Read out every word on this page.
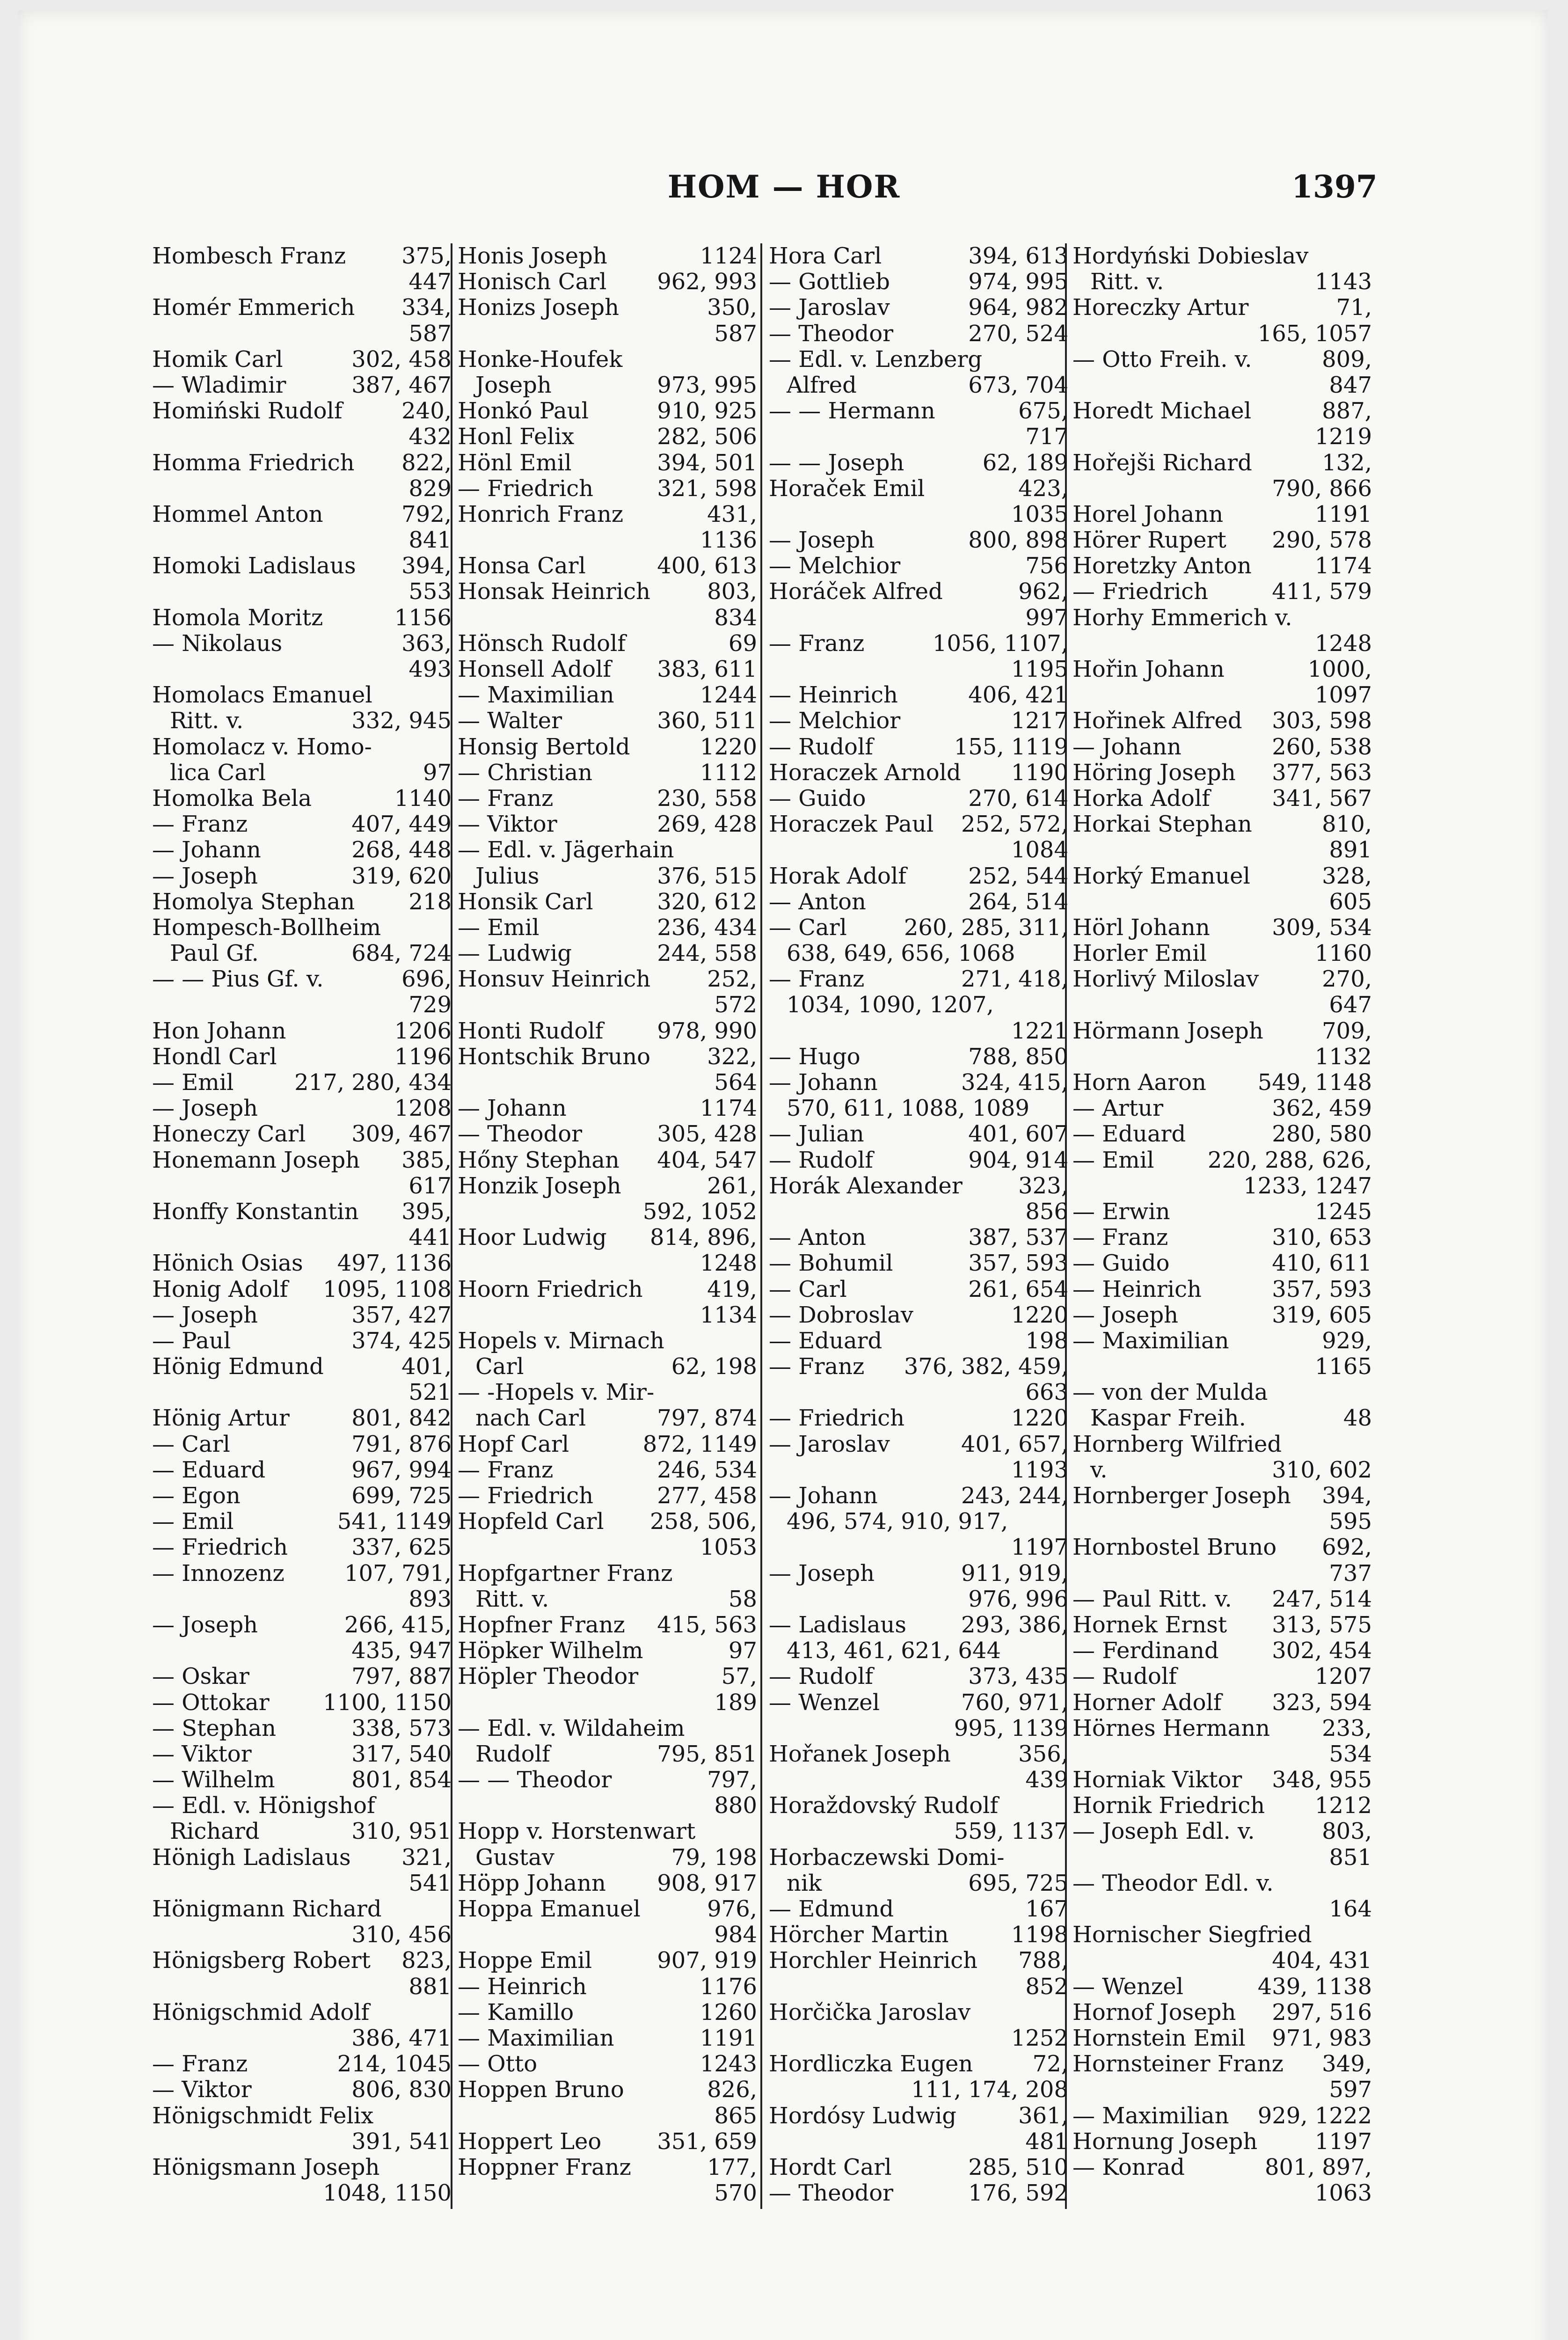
HOM — HOR	1397
Hombesch Franz 375,
447
Homér Emmerich 334,
587
Homik Carl	302, 458
— Wladimir	387, 467
Homiński Rudolf	240,
432
Homma Friedrich 822,
829
Hommel Anton	792,
841
Homoki Ladislaus 394,
553
Homola Moritz	1156
— Nikolaus	363,
493
Homolacs Emanuel
Ritt. v.	332, 945
Homolacz v. Homo-
lica Carl	97
Homolka Bela	1140
— Franz	407, 449
— Johann	268, 448
— Joseph	319, 620
Homolya Stephan 218
Hompesch-Bollheim
Paul Gf.	684, 724
— — Pius Gf. v.	696,
729
Hon Johann	1206
Hondl Carl	1196
— Emil	217, 280, 434
— Joseph	1208
Honeczy Carl 309, 467
Honemann Joseph 385,
617
Honffy Konstantin 395,
441
Hönich Osias 497, 1136
Honig Adolf 1095, 1108
— Joseph	357, 427
— Paul	374, 425
Hönig Edmund	401,
521
Hönig Artur	801, 842
— Carl	791, 876
— Eduard	967, 994
— Egon	699, 725
— Emil	541, 1149
— Friedrich	337, 625
— Innozenz	107, 791,
893
— Joseph	266, 415,
435, 947
— Oskar	797, 887
— Ottokar 1100, 1150
— Stephan	338, 573
— Viktor	317, 540
— Wilhelm	801, 854
— Edl. v. Hönigshof
Richard	310, 951
Hönigh Ladislaus 321,
541
Hönigmann Richard
310, 456
Hönigsberg Robert 823,
881
Hönigschmid Adolf
386, 471
— Franz	214, 1045
— Viktor	806, 830
Hönigschmidt Felix
391, 541
Hönigsmann Joseph
1048, 1150
Honis Joseph	1124
Honisch Carl 962, 993
Honizs Joseph	350,
587
Honke-Houfek
Joseph	973, 995
Honkó Paul	910, 925
Honl Felix	282, 506
Hönl Emil	394, 501
— Friedrich	321, 598
Honrich Franz	431,
1136
Honsa Carl	400, 613
Honsak Heinrich	803,
834
Hönsch Rudolf	69
Honsell Adolf 383, 611
— Maximilian	1244
— Walter	360, 511
Honsig Bertold	1220
— Christian	1112
— Franz	230, 558
— Viktor	269, 428
— Edl. v. Jägerhain
Julius	376, 515
Honsik Carl	320, 612
— Emil	236, 434
— Ludwig	244, 558
Honsuv Heinrich	252,
572
Honti Rudolf 978, 990
Hontschik Bruno	322,
564
— Johann	1174
— Theodor	305, 428
Hőny Stephan 404, 547
Honzik Joseph	261,
592, 1052
Hoor Ludwig 814, 896,
1248
Hoorn Friedrich	419,
1134
Hopels v. Mirnach
Carl	62, 198
— -Hopels v. Mir-
nach Carl	797, 874
Hopf Carl	872, 1149
— Franz	246, 534
— Friedrich	277, 458
Hopfeld Carl 258, 506,
1053
Hopfgartner Franz
Ritt. v.	58
Hopfner Franz 415, 563
Höpker Wilhelm	97
Höpler Theodor	57,
189
— Edl. v. Wildaheim
Rudolf	795, 851
— — Theodor	797,
880
Hopp v. Horstenwart
Gustav	79, 198
Höpp Johann 908, 917
Hoppa Emanuel	976,
984
Hoppe Emil	907, 919
— Heinrich	1176
— Kamillo	1260
— Maximilian	1191
— Otto	1243
Hoppen Bruno	826,
865
Hoppert Leo 351, 659
Hoppner Franz	177,
570
Hora Carl	394, 613
— Gottlieb	974, 995
— Jaroslav	964, 982
— Theodor	270, 524
— Edl. v. Lenzberg
Alfred	673, 704
— — Hermann	675,
717
— — Joseph	62, 189
Horaček Emil	423,
1035
— Joseph	800, 898
— Melchior	756
Horáček Alfred	962,
997
— Franz	1056, 1107,
1195
— Heinrich	406, 421
— Melchior	1217
— Rudolf	155, 1119
Horaczek Arnold 1190
— Guido	270, 614
Horaczek Paul 252, 572,
1084
Horak Adolf	252, 544
— Anton	264, 514
— Carl	260, 285, 311,
638, 649, 656, 1068
— Franz	271, 418,
1034, 1090, 1207,
1221
— Hugo	788, 850
— Johann	324, 415,
570, 611, 1088, 1089
— Julian	401, 607
— Rudolf	904, 914
Horák Alexander 323,
856
— Anton	387, 537
— Bohumil	357, 593
— Carl	261, 654
— Dobroslav	1220
— Eduard	198
— Franz 376, 382, 459,
663
— Friedrich	1220
— Jaroslav	401, 657,
1193
— Johann	243, 244,
496, 574, 910, 917,
1197
— Joseph	911, 919,
976, 996
— Ladislaus 293, 386,
413, 461, 621, 644
— Rudolf	373, 435
— Wenzel	760, 971,
995, 1139
Hořanek Joseph	356,
439
Horaždovský Rudolf
559, 1137
Horbaczewski Domi-
nik	695, 725
— Edmund	167
Hörcher Martin	1198
Horchler Heinrich 788,
852
Horčička Jaroslav
1252
Hordliczka Eugen	72,
111, 174, 208
Hordósy Ludwig	361,
481
Hordt Carl	285, 510
— Theodor	176, 592
Hordyński Dobieslav
Ritt. v.	1143
Horeczky Artur	71,
165, 1057
— Otto Freih. v.	809,
847
Horedt Michael	887,
1219
Hořejši Richard	132,
790, 866
Horel Johann	1191
Hörer Rupert 290, 578
Horetzky Anton	1174
— Friedrich	411, 579
Horhy Emmerich v.
1248
Hořin Johann	1000,
1097
Hořinek Alfred 303, 598
— Johann	260, 538
Höring Joseph 377, 563
Horka Adolf	341, 567
Horkai Stephan	810,
891
Horký Emanuel	328,
605
Hörl Johann	309, 534
Horler Emil	1160
Horlivý Miloslav	270,
647
Hörmann Joseph	709,
1132
Horn Aaron 549, 1148
— Artur	362, 459
— Eduard	280, 580
— Emil 220, 288, 626,
1233, 1247
— Erwin	1245
— Franz	310, 653
— Guido	410, 611
— Heinrich	357, 593
— Joseph	319, 605
— Maximilian	929,
1165
— von der Mulda
Kaspar Freih.	48
Hornberg Wilfried
v.	310, 602
Hornberger Joseph 394,
595
Hornbostel Bruno 692,
737
— Paul Ritt. v. 247, 514
Hornek Ernst 313, 575
— Ferdinand 302, 454
— Rudolf	1207
Horner Adolf 323, 594
Hörnes Hermann 233,
534
Horniak Viktor 348, 955
Hornik Friedrich 1212
— Joseph Edl. v.	803,
851
— Theodor Edl. v.
164
Hornischer Siegfried
404, 431
— Wenzel	439, 1138
Hornof Joseph 297, 516
Hornstein Emil 971, 983
Hornsteiner Franz 349,
597
— Maximilian 929, 1222
Hornung Joseph	1197
— Konrad	801, 897,
1063
